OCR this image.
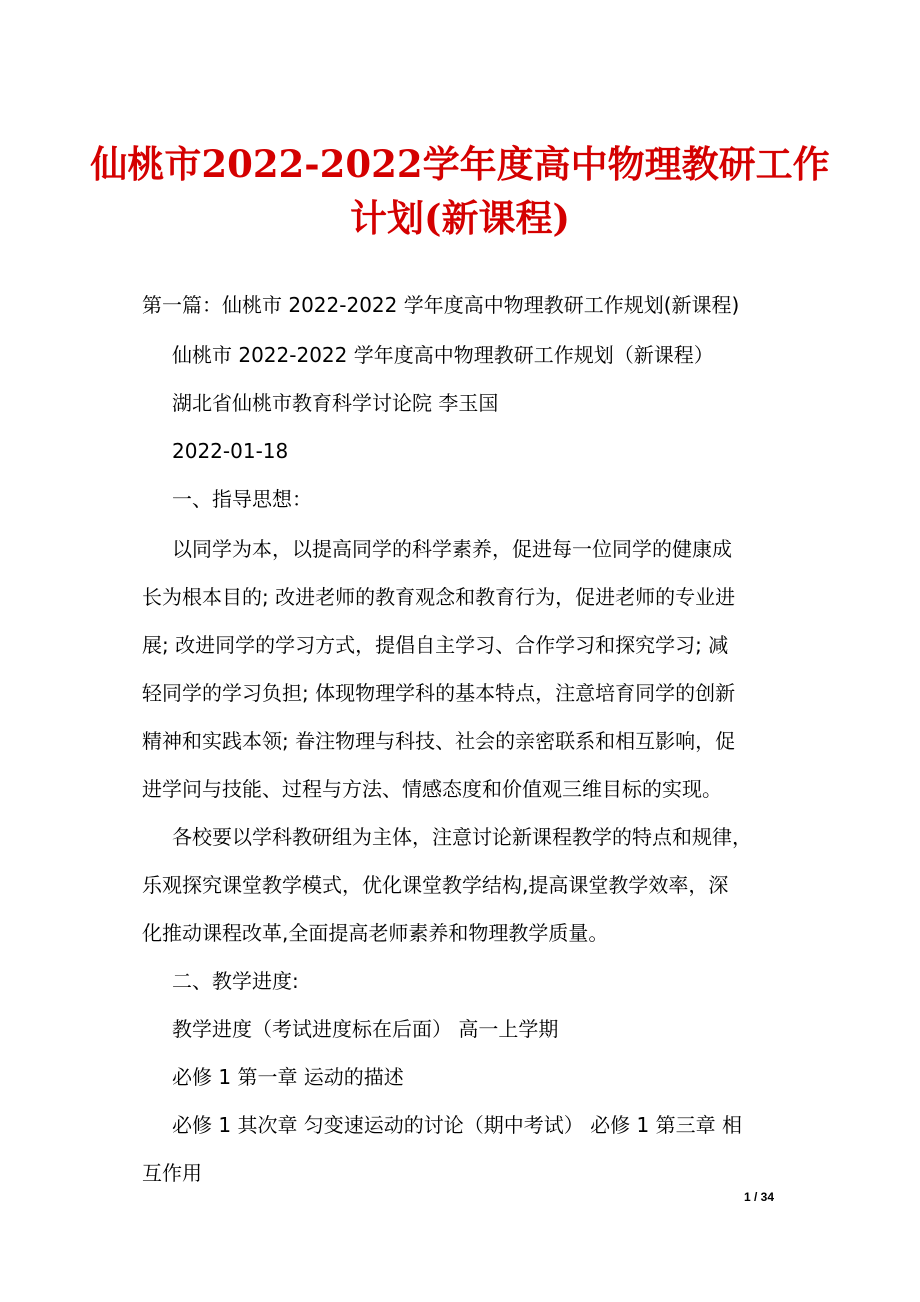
仙桃市2022-2022学年度高中物理教研工作
计划(新课程)

第一篇：仙桃市 2022-2022 学年度高中物理教研工作规划(新课程)

仙桃市 2022-2022 学年度高中物理教研工作规划（新课程）

湖北省仙桃市教育科学讨论院 李玉国

2022-01-18

一、指导思想：

以同学为本，以提高同学的科学素养，促进每一位同学的健康成

长为根本目的; 改进老师的教育观念和教育行为，促进老师的专业进

展; 改进同学的学习方式，提倡自主学习、合作学习和探究学习; 减

轻同学的学习负担; 体现物理学科的基本特点，注意培育同学的创新

精神和实践本领; 眷注物理与科技、社会的亲密联系和相互影响，促

进学问与技能、过程与方法、情感态度和价值观三维目标的实现。

各校要以学科教研组为主体，注意讨论新课程教学的特点和规律，

乐观探究课堂教学模式，优化课堂教学结构,提高课堂教学效率，深

化推动课程改革,全面提高老师素养和物理教学质量。

二、教学进度:

教学进度（考试进度标在后面） 高一上学期

必修 1 第一章 运动的描述

必修 1 其次章 匀变速运动的讨论（期中考试） 必修 1 第三章 相

互作用

1 / 34
